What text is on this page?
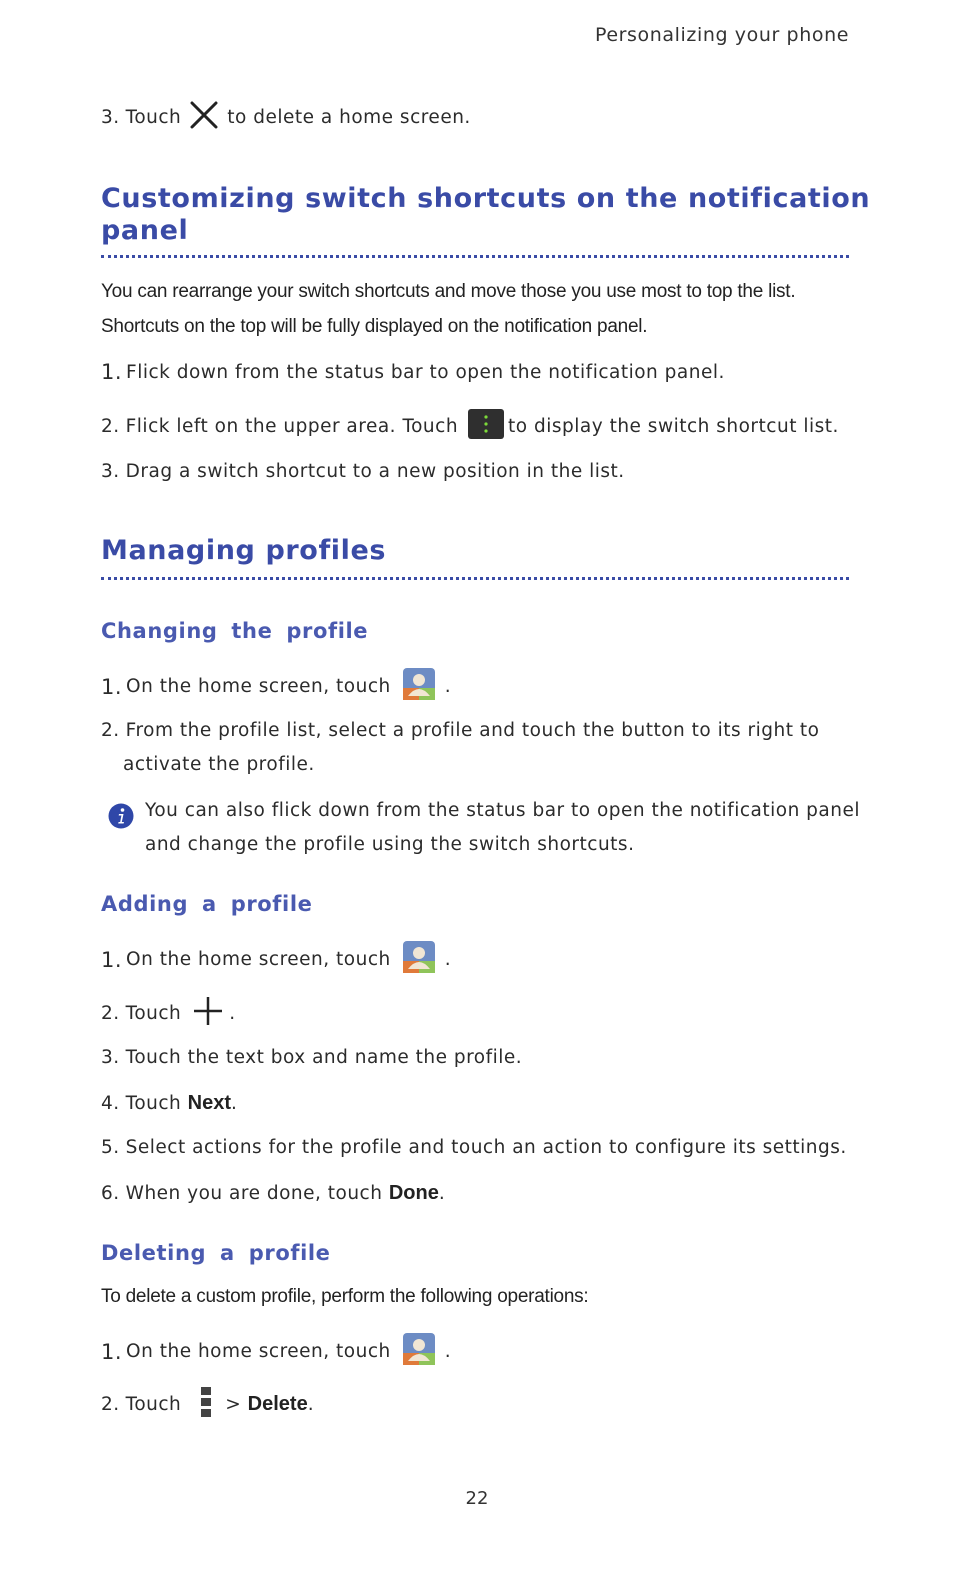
Personalizing your phone
3. Touch to delete a home screen.
Customizing switch shortcuts on the notification
panel
You can rearrange your switch shortcuts and move those you use most to top the list.
Shortcuts on the top will be fully displayed on the notification panel.
1. Flick down from the status bar to open the notification panel.
2. Flick left on the upper area. Touch	to display the switch shortcut list.
3. Drag a switch shortcut to a new position in the list.
Managing profiles
Changing the profile
1. On the home screen, touch	.
2. From the profile list, select a profile and touch the button to its right to
activate the profile.
You can also flick down from the status bar to open the notification panel
and change the profile using the switch shortcuts.
Adding a profile
1. On the home screen, touch	.
2. Touch	.
3. Touch the text box and name the profile.
4. Touch
Next .
5. Select actions for the profile and touch an action to configure its settings.
6. When you are done, touch
Done .
Deleting a profile
To delete a custom profile, perform the following operations:
1. On the home screen, touch	.
2. Touch >
Delete .
22
